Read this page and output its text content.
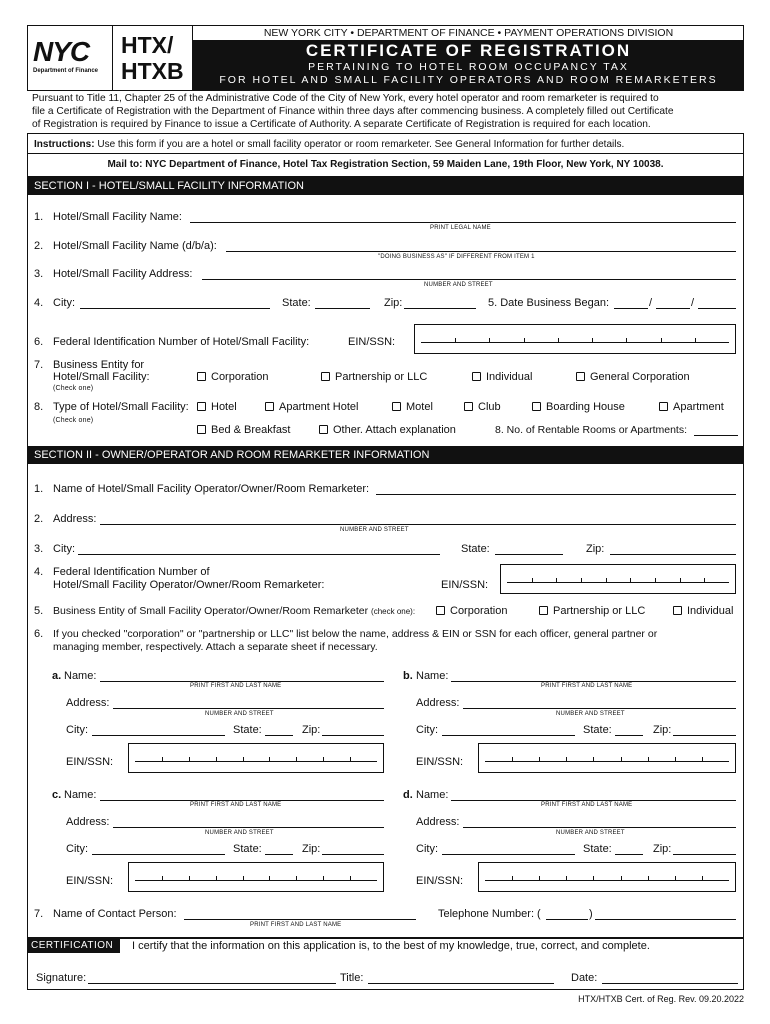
NYC
Department of Finance
HTX/
HTXB
NEW YORK CITY • DEPARTMENT OF FINANCE • PAYMENT OPERATIONS DIVISION
CERTIFICATE OF REGISTRATION
PERTAINING TO HOTEL ROOM OCCUPANCY TAX
FOR HOTEL AND SMALL FACILITY OPERATORS AND ROOM REMARKETERS
Pursuant to Title 11, Chapter 25 of the Administrative Code of the City of New York, every hotel operator and room remarketer is required to
file a Certificate of Registration with the Department of Finance within three days after commencing business. A completely filled out Certificate
of Registration is required by Finance to issue a Certificate of Authority. A separate Certificate of Registration is required for each location.
Instructions: Use this form if you are a hotel or small facility operator or room remarketer. See General Information for further details.
Mail to: NYC Department of Finance, Hotel Tax Registration Section, 59 Maiden Lane, 19th Floor, New York, NY 10038.
SECTION I - HOTEL/SMALL FACILITY INFORMATION
1. Hotel/Small Facility Name:
PRINT LEGAL NAME
2. Hotel/Small Facility Name (d/b/a):
"DOING BUSINESS AS" IF DIFFERENT FROM ITEM 1
3. Hotel/Small Facility Address:
NUMBER AND STREET
4. City:	State:	Zip:	5. Date Business Began:	/	/
6. Federal Identification Number of Hotel/Small Facility:	EIN/SSN:
7. Business Entity for
Hotel/Small Facility:
(Check one)
Corporation	Partnership or LLC	Individual	General Corporation
8. Type of Hotel/Small Facility:
(Check one)
Hotel	Apartment Hotel	Motel	Club	Boarding House	Apartment
Bed & Breakfast	Other. Attach explanation	8. No. of Rentable Rooms or Apartments:
SECTION II - OWNER/OPERATOR AND ROOM REMARKETER INFORMATION
1. Name of Hotel/Small Facility Operator/Owner/Room Remarketer:
2. Address:
NUMBER AND STREET
3. City:	State:	Zip:
4. Federal Identification Number of
Hotel/Small Facility Operator/Owner/Room Remarketer:	EIN/SSN:
5. Business Entity of Small Facility Operator/Owner/Room Remarketer (check one):	Corporation	Partnership or LLC	Individual
6. If you checked "corporation" or "partnership or LLC" list below the name, address & EIN or SSN for each officer, general partner or
managing member, respectively. Attach a separate sheet if necessary.
a. Name:
PRINT FIRST AND LAST NAME
Address:
NUMBER AND STREET
City:	State:	Zip:
EIN/SSN:
b. Name:
PRINT FIRST AND LAST NAME
Address:
NUMBER AND STREET
City:	State:	Zip:
EIN/SSN:
c. Name:
PRINT FIRST AND LAST NAME
Address:
NUMBER AND STREET
City:	State:	Zip:
EIN/SSN:
d. Name:
PRINT FIRST AND LAST NAME
Address:
NUMBER AND STREET
City:	State:	Zip:
EIN/SSN:
7. Name of Contact Person:
PRINT FIRST AND LAST NAME
Telephone Number: (	)
CERTIFICATION	I certify that the information on this application is, to the best of my knowledge, true, correct, and complete.
Signature:	Title:	Date:
HTX/HTXB Cert. of Reg. Rev. 09.20.2022
